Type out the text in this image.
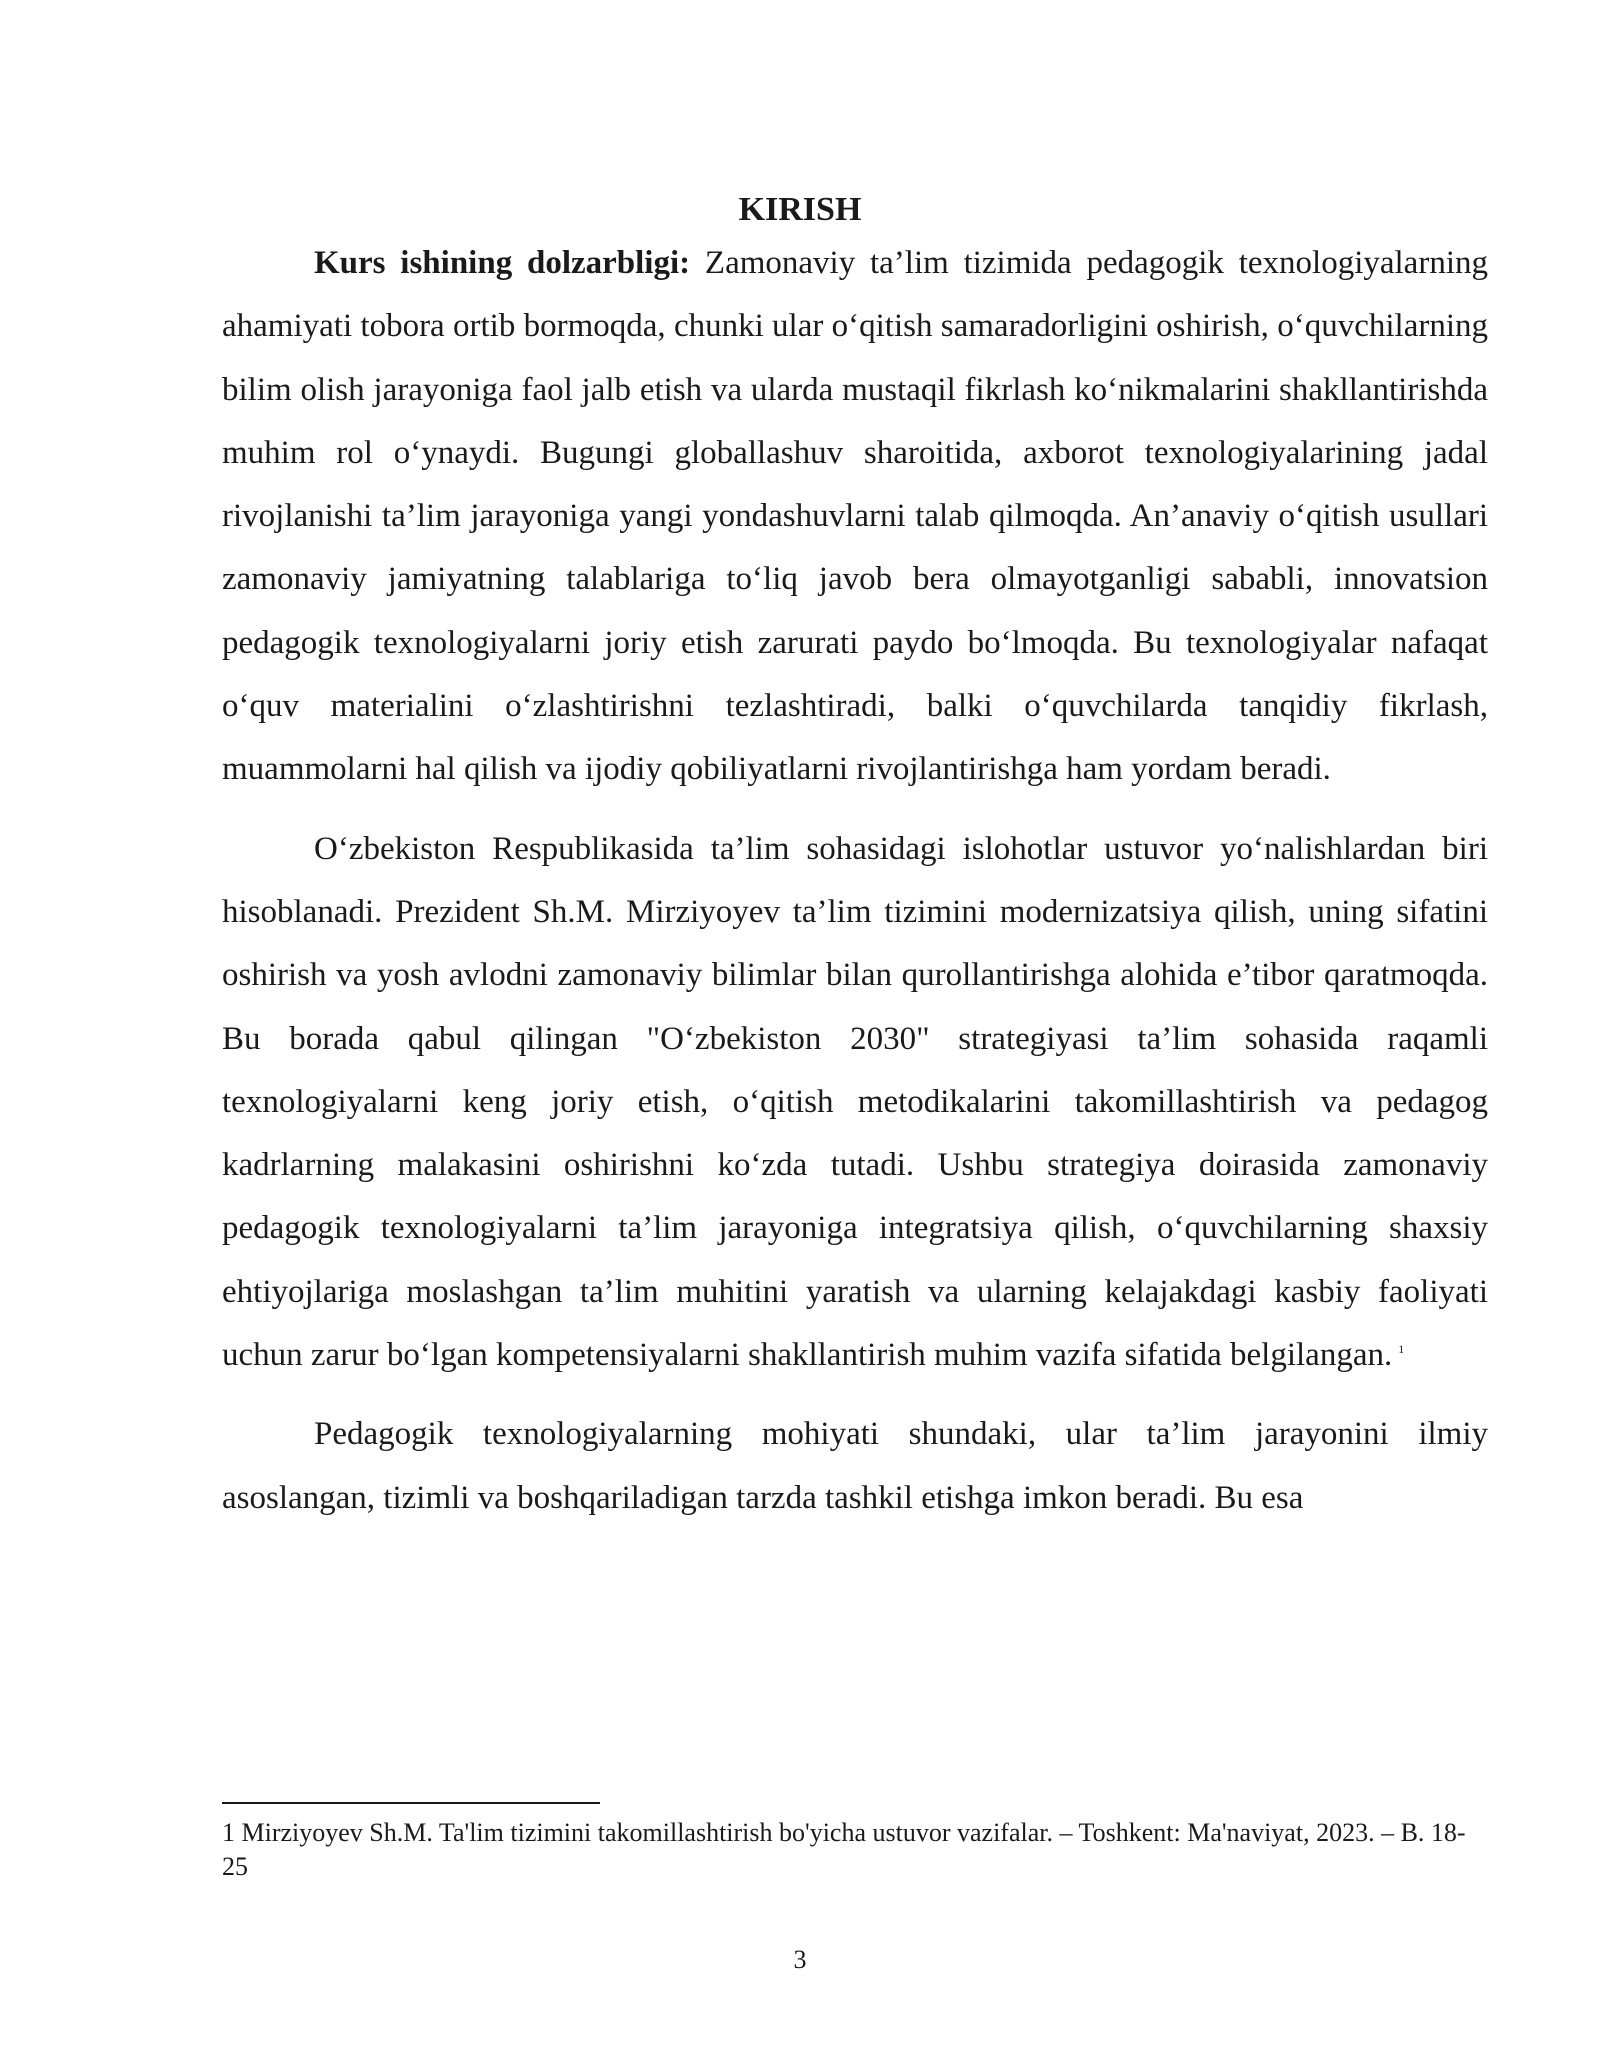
KIRISH

Kurs ishining dolzarbligi: Zamonaviy ta’lim tizimida pedagogik texnologiyalarning ahamiyati tobora ortib bormoqda, chunki ular o‘qitish samaradorligini oshirish, o‘quvchilarning bilim olish jarayoniga faol jalb etish va ularda mustaqil fikrlash ko‘nikmalarini shakllantirishda muhim rol o‘ynaydi. Bugungi globallashuv sharoitida, axborot texnologiyalarining jadal rivojlanishi ta’lim jarayoniga yangi yondashuvlarni talab qilmoqda. An’anaviy o‘qitish usullari zamonaviy jamiyatning talablariga to‘liq javob bera olmayotganligi sababli, innovatsion pedagogik texnologiyalarni joriy etish zarurati paydo bo‘lmoqda. Bu texnologiyalar nafaqat o‘quv materialini o‘zlashtirishni tezlashtiradi, balki o‘quvchilarda tanqidiy fikrlash, muammolarni hal qilish va ijodiy qobiliyatlarni rivojlantirishga ham yordam beradi.

O‘zbekiston Respublikasida ta’lim sohasidagi islohotlar ustuvor yo‘nalishlardan biri hisoblanadi. Prezident Sh.M. Mirziyoyev ta’lim tizimini modernizatsiya qilish, uning sifatini oshirish va yosh avlodni zamonaviy bilimlar bilan qurollantirishga alohida e’tibor qaratmoqda. Bu borada qabul qilingan "O‘zbekiston 2030" strategiyasi ta’lim sohasida raqamli texnologiyalarni keng joriy etish, o‘qitish metodikalarini takomillashtirish va pedagog kadrlarning malakasini oshirishni ko‘zda tutadi. Ushbu strategiya doirasida zamonaviy pedagogik texnologiyalarni ta’lim jarayoniga integratsiya qilish, o‘quvchilarning shaxsiy ehtiyojlariga moslashgan ta’lim muhitini yaratish va ularning kelajakdagi kasbiy faoliyati uchun zarur bo‘lgan kompetensiyalarni shakllantirish muhim vazifa sifatida belgilangan. $^1$

Pedagogik texnologiyalarning mohiyati shundaki, ular ta’lim jarayonini ilmiy asoslangan, tizimli va boshqariladigan tarzda tashkil etishga imkon beradi. Bu esa

1 Mirziyoyev Sh.M. Ta'lim tizimini takomillashtirish bo'yicha ustuvor vazifalar. – Toshkent: Ma'naviyat, 2023. – B. 18-25

3
